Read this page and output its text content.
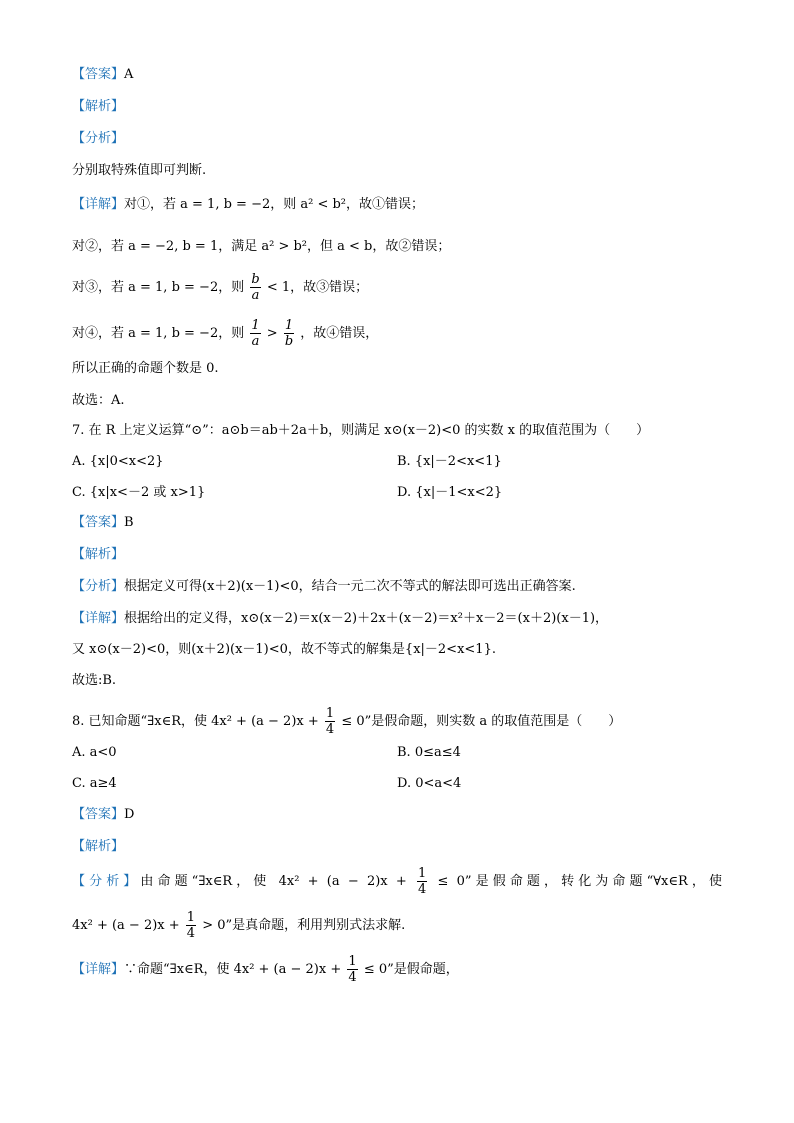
【答案】A
【解析】
【分析】
分别取特殊值即可判断.
【详解】对①，若 a = 1, b = −2，则 a² < b²，故①错误；
对②，若 a = −2, b = 1，满足 a² > b²，但 a < b，故②错误；
对③，若 a = 1, b = −2，则 $\frac{b}{a} < 1$，故③错误；
对④，若 a = 1, b = −2，则 $\frac{1}{a} > \frac{1}{b}$ ，故④错误，
所以正确的命题个数是 0.
故选：A.
7. 在 R 上定义运算“⊙”：a⊙b＝ab＋2a＋b，则满足 x⊙(x－2)<0 的实数 x 的取值范围为（　　）
A. {x|0<x<2}	B. {x|－2<x<1}
C. {x|x<－2 或 x>1}	D. {x|－1<x<2}
【答案】B
【解析】
【分析】根据定义可得(x＋2)(x－1)<0，结合一元二次不等式的解法即可选出正确答案.
【详解】根据给出的定义得，x⊙(x－2)＝x(x－2)＋2x＋(x－2)＝x²＋x－2＝(x＋2)(x－1)，
又 x⊙(x－2)<0，则(x＋2)(x－1)<0，故不等式的解集是{x|－2<x<1}.
故选:B.
8. 已知命题“∃x∈R，使 $4x^2 + (a - 2)x + \frac{1}{4} \le 0$”是假命题，则实数 a 的取值范围是（　　）
A. a<0	B. 0≤a≤4
C. a≥4	D. 0<a<4
【答案】D
【解析】
【分析】由命题“∃x∈R，使 $4x^2 + (a - 2)x + \frac{1}{4} \le 0$”是假命题，转化为命题“∀x∈R，使
$4x^2 + (a - 2)x + \frac{1}{4} > 0$”是真命题，利用判别式法求解.
【详解】∵命题“∃x∈R，使 $4x^2 + (a - 2)x + \frac{1}{4} \le 0$”是假命题，
